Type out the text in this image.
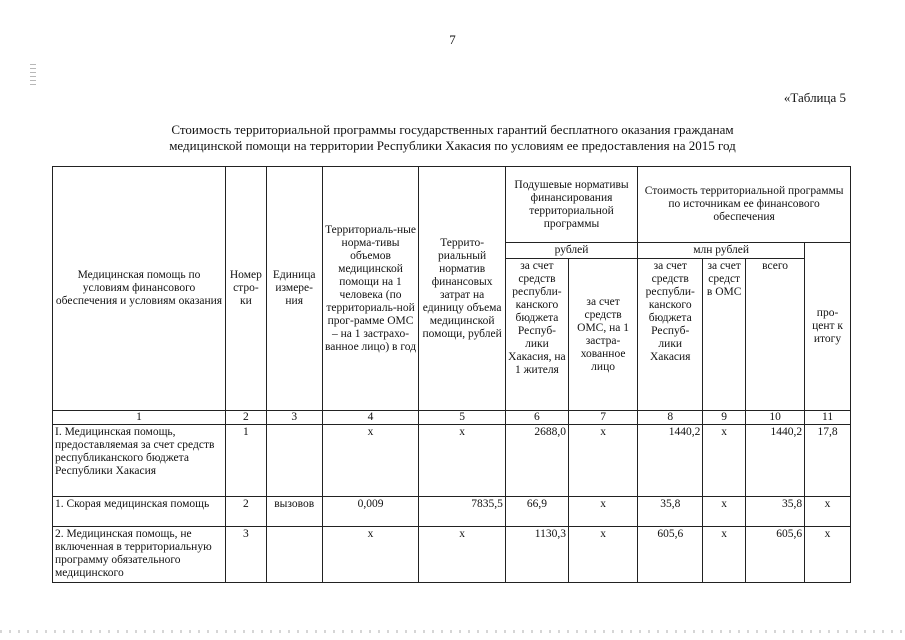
7
«Таблица 5
Стоимость территориальной программы государственных гарантий бесплатного оказания гражданам
медицинской помощи на территории Республики Хакасия по условиям ее предоставления на 2015 год
Медицинская помощь по условиям финансового обеспечения и условиям оказания	Номер стро-ки	Единица измере-ния	Территориаль-ные норма-тивы объемов медицинской помощи на 1 человека (по территориаль-ной прог-рамме ОМС – на 1 застрахо-ванное лицо) в год	Террито-риальный норматив финансовых затрат на единицу объема медицинской помощи, рублей	Подушевые нормативы финансирования территориальной программы		Стоимость территориальной программы по источникам ее финансового обеспечения			
					рублей		млн рублей			про-цент к итогу
					за счет средств республи-канского бюджета Респуб-лики Хакасия, на 1 жителя	за счет средств ОМС, на 1 застра-хованное лицо	за счет средств республи-канского бюджета Респуб-лики Хакасия	за счет средст в ОМС	всего	
1	2	3	4	5	6	7	8	9	10	11
I. Медицинская помощь, предоставляемая за счет средств республиканского бюджета Республики Хакасия	1		x	x	2688,0	x	1440,2	x	1440,2	17,8
1. Скорая медицинская помощь	2	вызовов	0,009	7835,5	66,9	x	35,8	x	35,8	x
2. Медицинская помощь, не включенная в территориальную программу обязательного медицинского	3		x	x	1130,3	x	605,6	x	605,6	x
